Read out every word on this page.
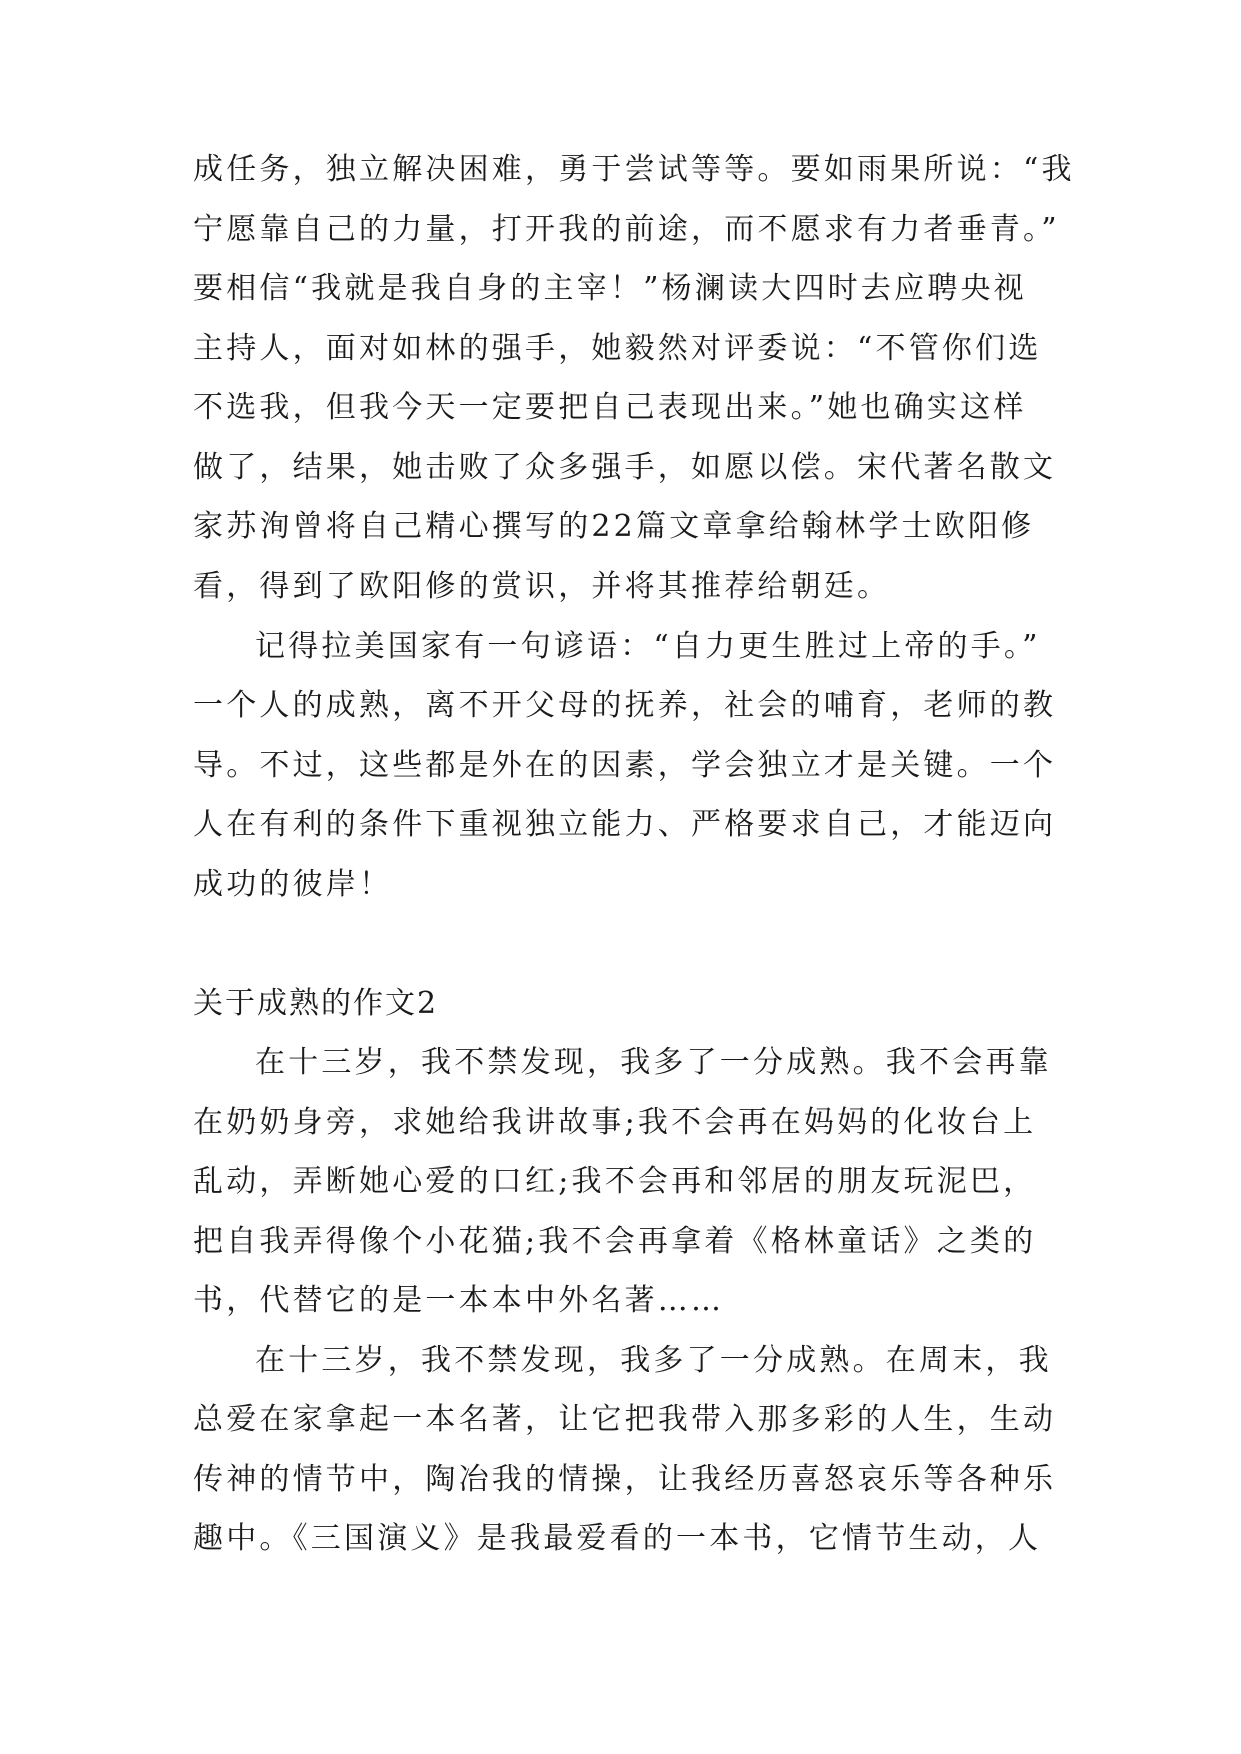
成任务，独立解决困难，勇于尝试等等。要如雨果所说：“我
宁愿靠自己的力量，打开我的前途，而不愿求有力者垂青。”
要相信“我就是我自身的主宰！”杨澜读大四时去应聘央视
主持人，面对如林的强手，她毅然对评委说：“不管你们选
不选我，但我今天一定要把自己表现出来。”她也确实这样
做了，结果，她击败了众多强手，如愿以偿。宋代著名散文
家苏洵曾将自己精心撰写的22篇文章拿给翰林学士欧阳修
看，得到了欧阳修的赏识，并将其推荐给朝廷。
记得拉美国家有一句谚语：“自力更生胜过上帝的手。”
一个人的成熟，离不开父母的抚养，社会的哺育，老师的教
导。不过，这些都是外在的因素，学会独立才是关键。一个
人在有利的条件下重视独立能力、严格要求自己，才能迈向
成功的彼岸！
关于成熟的作文2
在十三岁，我不禁发现，我多了一分成熟。我不会再靠
在奶奶身旁，求她给我讲故事;我不会再在妈妈的化妆台上
乱动，弄断她心爱的口红;我不会再和邻居的朋友玩泥巴，
把自我弄得像个小花猫;我不会再拿着《格林童话》之类的
书，代替它的是一本本中外名著……
在十三岁，我不禁发现，我多了一分成熟。在周末，我
总爱在家拿起一本名著，让它把我带入那多彩的人生，生动
传神的情节中，陶冶我的情操，让我经历喜怒哀乐等各种乐
趣中。《三国演义》是我最爱看的一本书，它情节生动，人
